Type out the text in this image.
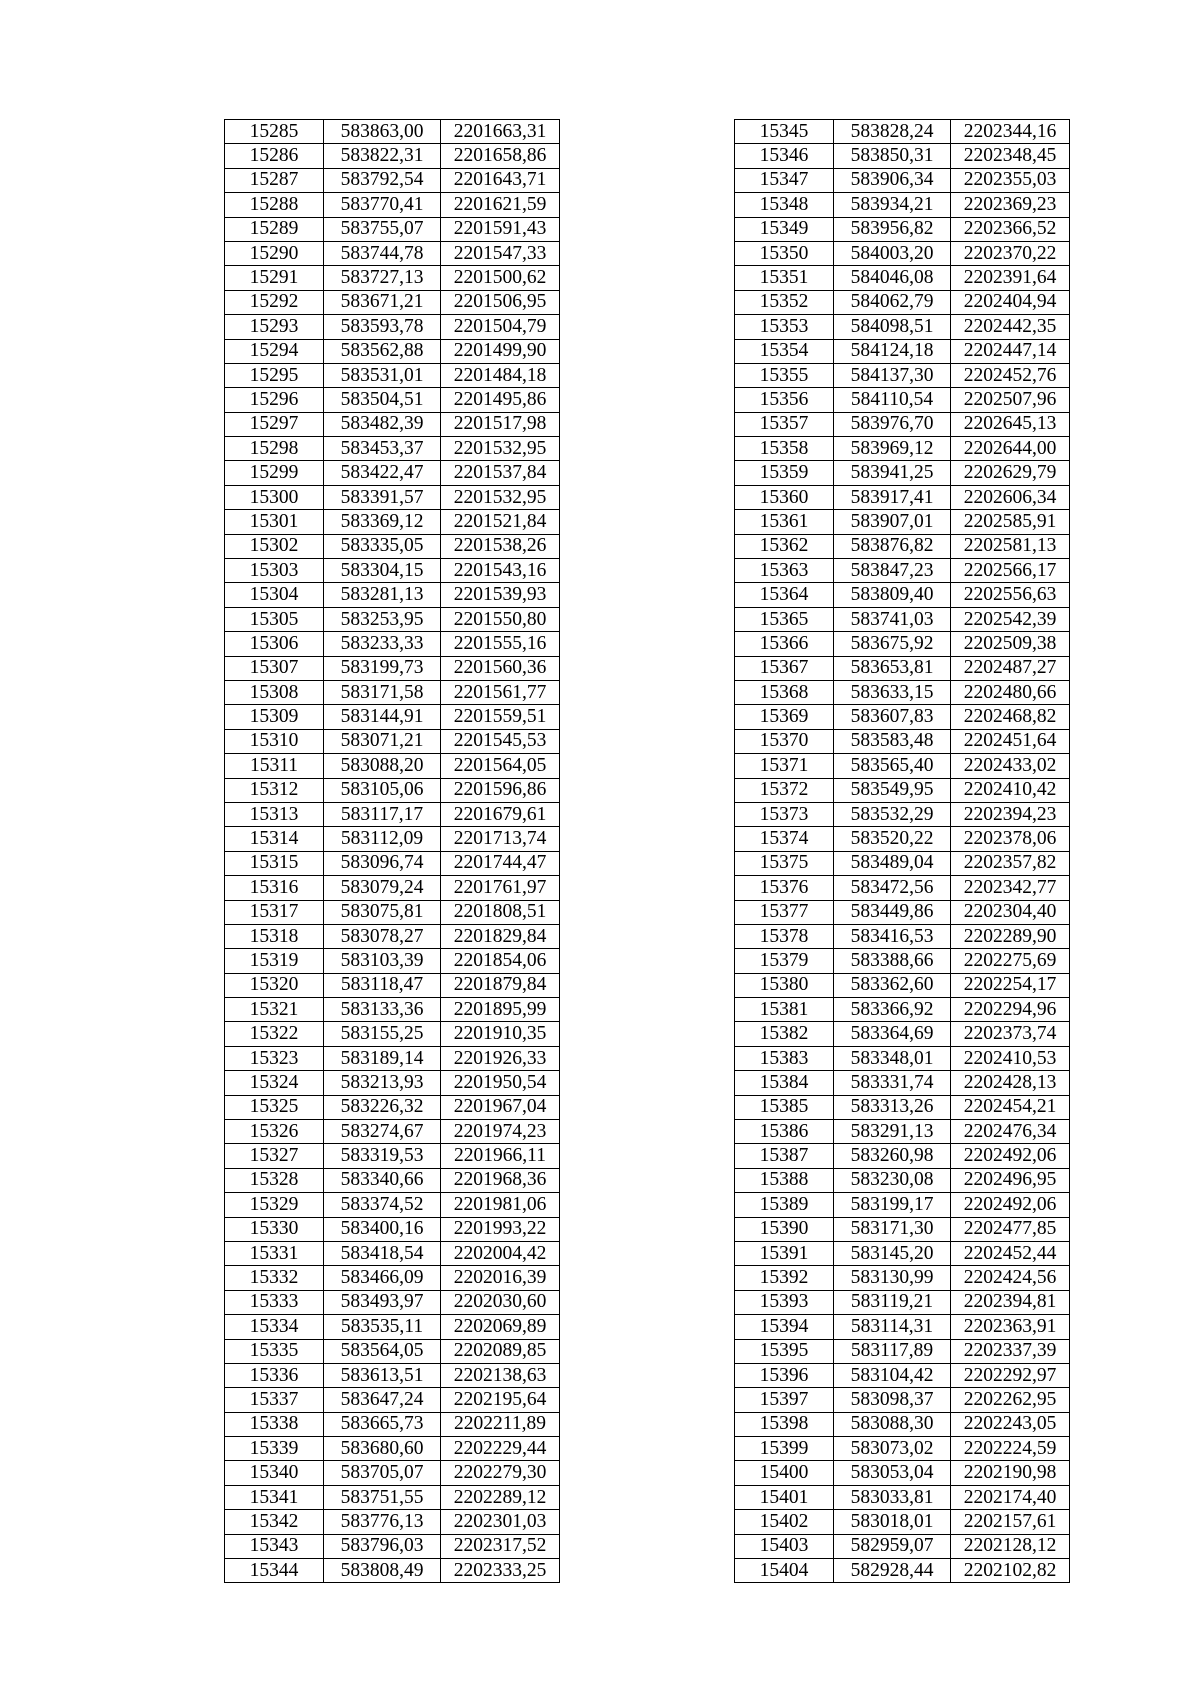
15285	583863,00	2201663,31
15286	583822,31	2201658,86
15287	583792,54	2201643,71
15288	583770,41	2201621,59
15289	583755,07	2201591,43
15290	583744,78	2201547,33
15291	583727,13	2201500,62
15292	583671,21	2201506,95
15293	583593,78	2201504,79
15294	583562,88	2201499,90
15295	583531,01	2201484,18
15296	583504,51	2201495,86
15297	583482,39	2201517,98
15298	583453,37	2201532,95
15299	583422,47	2201537,84
15300	583391,57	2201532,95
15301	583369,12	2201521,84
15302	583335,05	2201538,26
15303	583304,15	2201543,16
15304	583281,13	2201539,93
15305	583253,95	2201550,80
15306	583233,33	2201555,16
15307	583199,73	2201560,36
15308	583171,58	2201561,77
15309	583144,91	2201559,51
15310	583071,21	2201545,53
15311	583088,20	2201564,05
15312	583105,06	2201596,86
15313	583117,17	2201679,61
15314	583112,09	2201713,74
15315	583096,74	2201744,47
15316	583079,24	2201761,97
15317	583075,81	2201808,51
15318	583078,27	2201829,84
15319	583103,39	2201854,06
15320	583118,47	2201879,84
15321	583133,36	2201895,99
15322	583155,25	2201910,35
15323	583189,14	2201926,33
15324	583213,93	2201950,54
15325	583226,32	2201967,04
15326	583274,67	2201974,23
15327	583319,53	2201966,11
15328	583340,66	2201968,36
15329	583374,52	2201981,06
15330	583400,16	2201993,22
15331	583418,54	2202004,42
15332	583466,09	2202016,39
15333	583493,97	2202030,60
15334	583535,11	2202069,89
15335	583564,05	2202089,85
15336	583613,51	2202138,63
15337	583647,24	2202195,64
15338	583665,73	2202211,89
15339	583680,60	2202229,44
15340	583705,07	2202279,30
15341	583751,55	2202289,12
15342	583776,13	2202301,03
15343	583796,03	2202317,52
15344	583808,49	2202333,25
15345	583828,24	2202344,16
15346	583850,31	2202348,45
15347	583906,34	2202355,03
15348	583934,21	2202369,23
15349	583956,82	2202366,52
15350	584003,20	2202370,22
15351	584046,08	2202391,64
15352	584062,79	2202404,94
15353	584098,51	2202442,35
15354	584124,18	2202447,14
15355	584137,30	2202452,76
15356	584110,54	2202507,96
15357	583976,70	2202645,13
15358	583969,12	2202644,00
15359	583941,25	2202629,79
15360	583917,41	2202606,34
15361	583907,01	2202585,91
15362	583876,82	2202581,13
15363	583847,23	2202566,17
15364	583809,40	2202556,63
15365	583741,03	2202542,39
15366	583675,92	2202509,38
15367	583653,81	2202487,27
15368	583633,15	2202480,66
15369	583607,83	2202468,82
15370	583583,48	2202451,64
15371	583565,40	2202433,02
15372	583549,95	2202410,42
15373	583532,29	2202394,23
15374	583520,22	2202378,06
15375	583489,04	2202357,82
15376	583472,56	2202342,77
15377	583449,86	2202304,40
15378	583416,53	2202289,90
15379	583388,66	2202275,69
15380	583362,60	2202254,17
15381	583366,92	2202294,96
15382	583364,69	2202373,74
15383	583348,01	2202410,53
15384	583331,74	2202428,13
15385	583313,26	2202454,21
15386	583291,13	2202476,34
15387	583260,98	2202492,06
15388	583230,08	2202496,95
15389	583199,17	2202492,06
15390	583171,30	2202477,85
15391	583145,20	2202452,44
15392	583130,99	2202424,56
15393	583119,21	2202394,81
15394	583114,31	2202363,91
15395	583117,89	2202337,39
15396	583104,42	2202292,97
15397	583098,37	2202262,95
15398	583088,30	2202243,05
15399	583073,02	2202224,59
15400	583053,04	2202190,98
15401	583033,81	2202174,40
15402	583018,01	2202157,61
15403	582959,07	2202128,12
15404	582928,44	2202102,82
